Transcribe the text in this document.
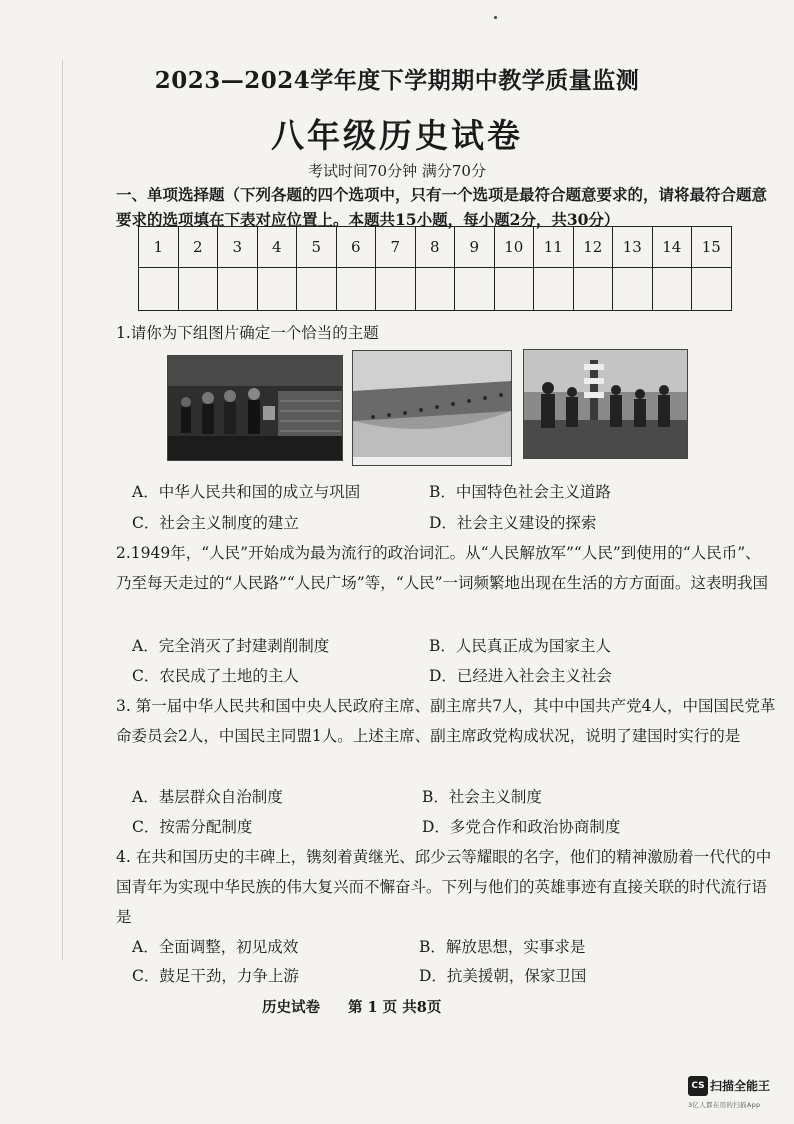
2023—2024学年度下学期期中教学质量监测
八年级历史试卷
考试时间70分钟 满分70分
一、单项选择题（下列各题的四个选项中，只有一个选项是最符合题意要求的，请将最符合题意要求的选项填在下表对应位置上。本题共15小题，每小题2分，共30分）
1	2	3	4	5	6	7	8	9	10	11	12	13	14	15

1.请你为下组图片确定一个恰当的主题
A．中华人民共和国的成立与巩固	B．中国特色社会主义道路
C．社会主义制度的建立	D．社会主义建设的探索
2.1949年，“人民”开始成为最为流行的政治词汇。从“人民解放军”“人民”到使用的“人民币”、乃至每天走过的“人民路”“人民广场”等，“人民”一词频繁地出现在生活的方方面面。这表明我国
A．完全消灭了封建剥削制度	B．人民真正成为国家主人
C．农民成了土地的主人	D．已经进入社会主义社会
3. 第一届中华人民共和国中央人民政府主席、副主席共7人，其中中国共产党4人，中国国民党革命委员会2人，中国民主同盟1人。上述主席、副主席政党构成状况，说明了建国时实行的是
A．基层群众自治制度	B．社会主义制度
C．按需分配制度	D．多党合作和政治协商制度
4. 在共和国历史的丰碑上，镌刻着黄继光、邱少云等耀眼的名字，他们的精神激励着一代代的中国青年为实现中华民族的伟大复兴而不懈奋斗。下列与他们的英雄事迹有直接关联的时代流行语是
A．全面调整，初见成效	B．解放思想，实事求是
C．鼓足干劲，力争上游	D．抗美援朝，保家卫国
历史试卷 第 1 页 共8页
CS 扫描全能王
3亿人都在用的扫描App
